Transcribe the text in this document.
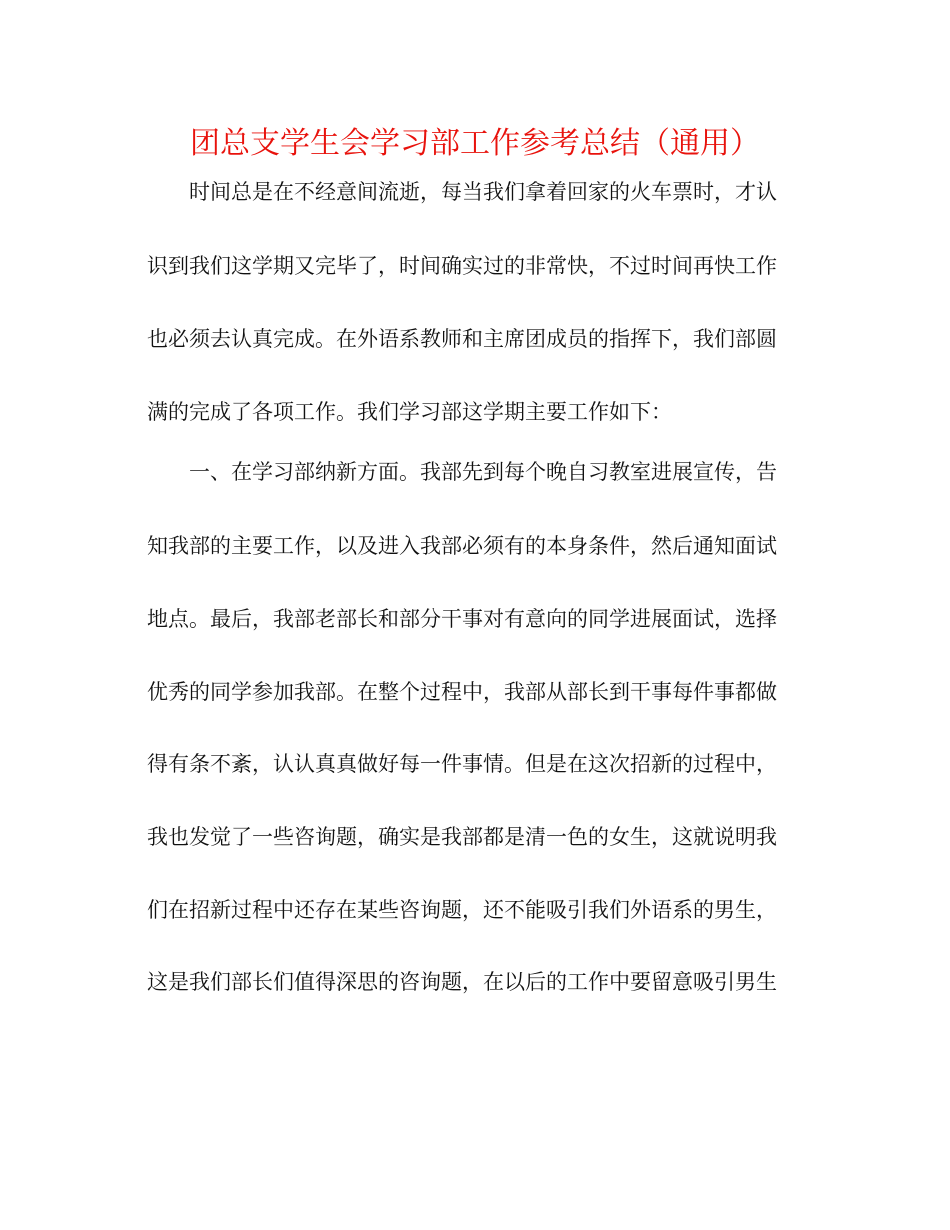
团总支学生会学习部工作参考总结（通用）

时间总是在不经意间流逝，每当我们拿着回家的火车票时，才认

识到我们这学期又完毕了，时间确实过的非常快，不过时间再快工作

也必须去认真完成。在外语系教师和主席团成员的指挥下，我们部圆

满的完成了各项工作。我们学习部这学期主要工作如下：

一、在学习部纳新方面。我部先到每个晚自习教室进展宣传，告

知我部的主要工作，以及进入我部必须有的本身条件，然后通知面试

地点。最后，我部老部长和部分干事对有意向的同学进展面试，选择

优秀的同学参加我部。在整个过程中，我部从部长到干事每件事都做

得有条不紊，认认真真做好每一件事情。但是在这次招新的过程中，

我也发觉了一些咨询题，确实是我部都是清一色的女生，这就说明我

们在招新过程中还存在某些咨询题，还不能吸引我们外语系的男生，

这是我们部长们值得深思的咨询题，在以后的工作中要留意吸引男生
